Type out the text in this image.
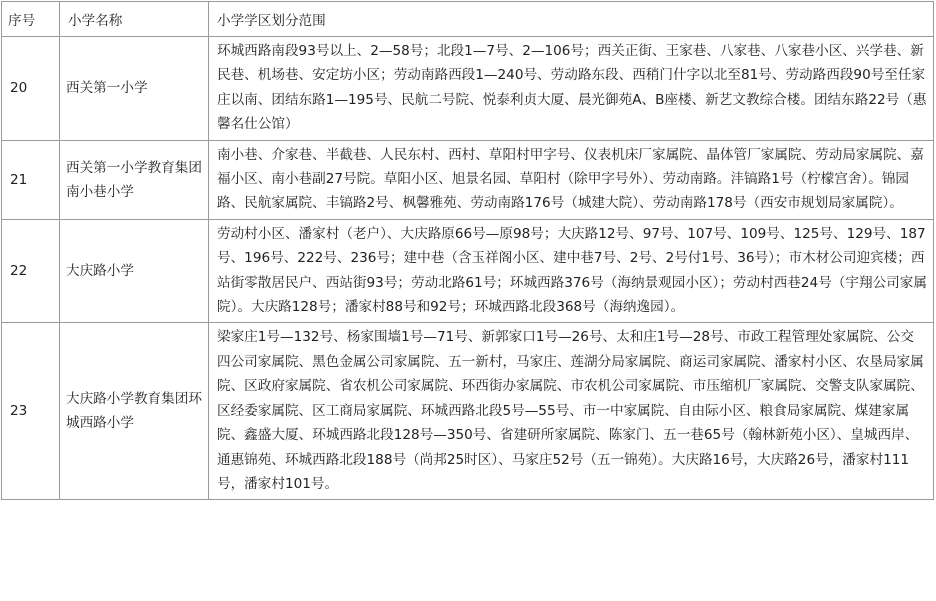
序号	小学名称	小学学区划分范围
20	西关第一小学	环城西路南段93号以上、2—58号；北段1—7号、2—106号；西关正街、王家巷、八家巷、八家巷小区、兴学巷、新民巷、机场巷、安定坊小区；劳动南路西段1—240号、劳动路东段、西稍门什字以北至81号、劳动路西段90号至任家庄以南、团结东路1—195号、民航二号院、悦泰利贞大厦、晨光御苑A、B座楼、新艺文教综合楼。团结东路22号（惠馨名仕公馆）
21	西关第一小学教育集团南小巷小学	南小巷、介家巷、半截巷、人民东村、西村、草阳村甲字号、仪表机床厂家属院、晶体管厂家属院、劳动局家属院、嘉福小区、南小巷副27号院。草阳小区、旭景名园、草阳村（除甲字号外）、劳动南路。沣镐路1号（柠檬宫舍）。锦园路、民航家属院、丰镐路2号、枫馨雅苑、劳动南路176号（城建大院）、劳动南路178号（西安市规划局家属院）。
22	大庆路小学	劳动村小区、潘家村（老户）、大庆路原66号—原98号；大庆路12号、97号、107号、109号、125号、129号、187号、196号、222号、236号；建中巷（含玉祥阁小区、建中巷7号、2号、2号付1号、36号）；市木材公司迎宾楼；西站街零散居民户、西站街93号；劳动北路61号；环城西路376号（海纳景观园小区）；劳动村西巷24号（宇翔公司家属院）。大庆路128号；潘家村88号和92号；环城西路北段368号（海纳逸园）。
23	大庆路小学教育集团环城西路小学	梁家庄1号—132号、杨家围墙1号—71号、新郭家口1号—26号、太和庄1号—28号、市政工程管理处家属院、公交四公司家属院、黑色金属公司家属院、五一新村，马家庄、莲湖分局家属院、商运司家属院、潘家村小区、农垦局家属院、区政府家属院、省农机公司家属院、环西街办家属院、市农机公司家属院、市压缩机厂家属院、交警支队家属院、区经委家属院、区工商局家属院、环城西路北段5号—55号、市一中家属院、自由际小区、粮食局家属院、煤建家属院、鑫盛大厦、环城西路北段128号—350号、省建研所家属院、陈家门、五一巷65号（翰林新苑小区）、皇城西岸、通惠锦苑、环城西路北段188号（尚邦25时区）、马家庄52号（五一锦苑）。大庆路16号，大庆路26号，潘家村111号，潘家村101号。
